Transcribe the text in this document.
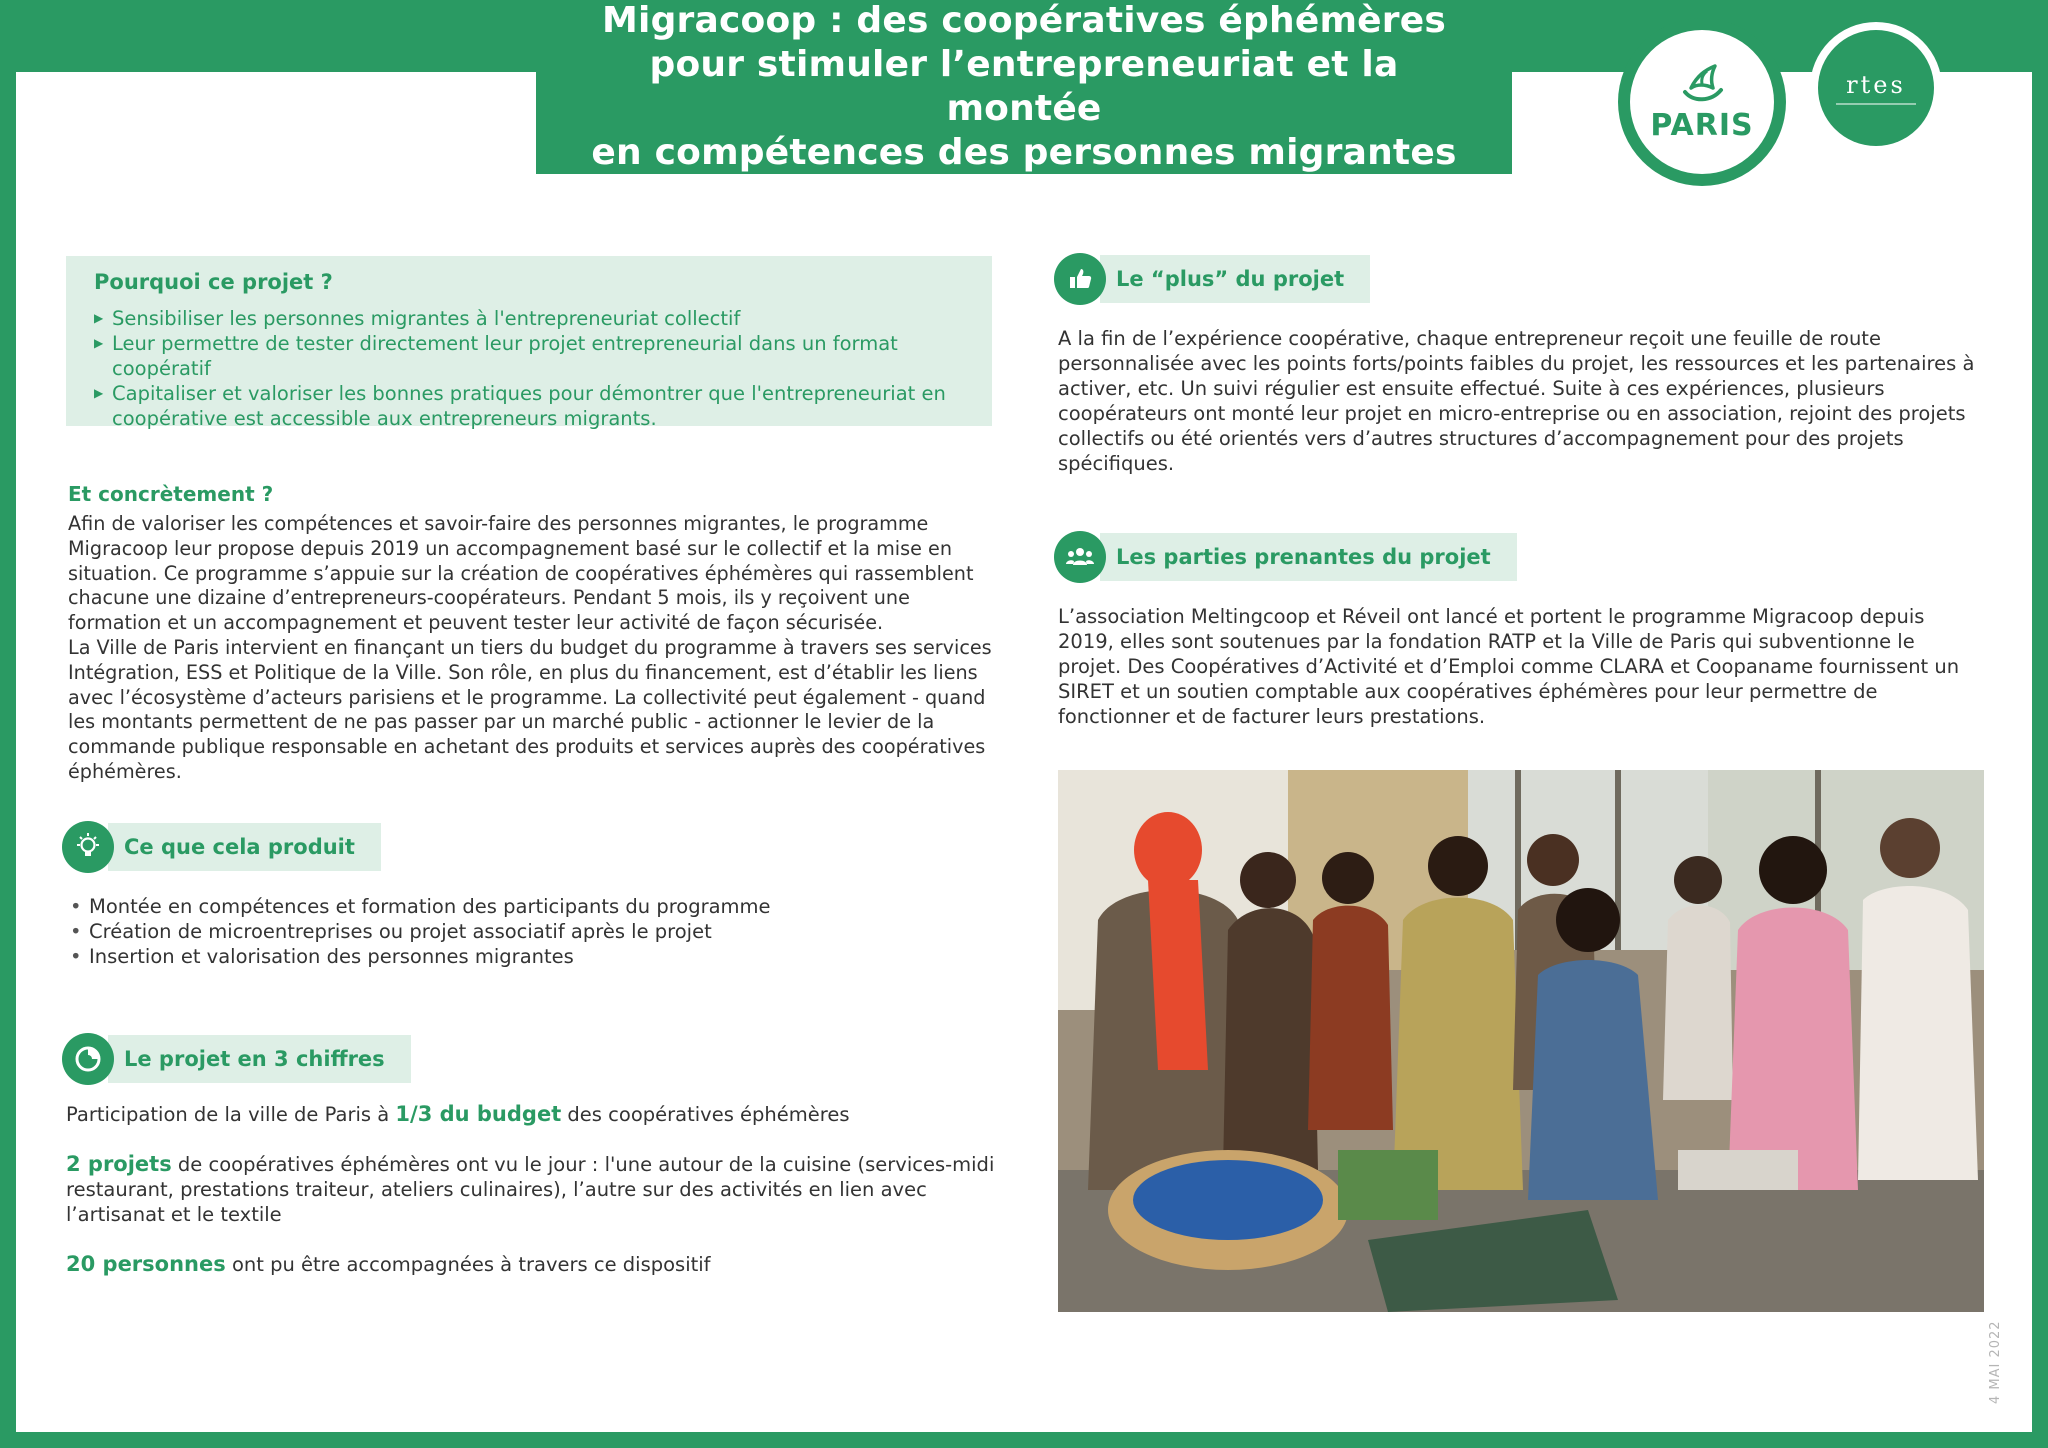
Migracoop : des coopératives éphémères
pour stimuler l’entrepreneuriat et la montée
en compétences des personnes migrantes
PARIS
rtes
Pourquoi ce projet ?
▶ Sensibiliser les personnes migrantes à l'entrepreneuriat collectif
▶ Leur permettre de tester directement leur projet entrepreneurial dans un format coopératif
▶ Capitaliser et valoriser les bonnes pratiques pour démontrer que l'entrepreneuriat en coopérative est accessible aux entrepreneurs migrants.
Et concrètement ?

Afin de valoriser les compétences et savoir-faire des personnes migrantes, le programme Migracoop leur propose depuis 2019 un accompagnement basé sur le collectif et la mise en situation. Ce programme s’appuie sur la création de coopératives éphémères qui rassemblent chacune une dizaine d’entrepreneurs-coopérateurs. Pendant 5 mois, ils y reçoivent une formation et un accompagnement et peuvent tester leur activité de façon sécurisée.

La Ville de Paris intervient en finançant un tiers du budget du programme à travers ses services Intégration, ESS et Politique de la Ville. Son rôle, en plus du financement, est d’établir les liens avec l’écosystème d’acteurs parisiens et le programme. La collectivité peut également - quand les montants permettent de ne pas passer par un marché public - actionner le levier de la commande publique responsable en achetant des produits et services auprès des coopératives éphémères.

Ce que cela produit
• Montée en compétences et formation des participants du programme
• Création de microentreprises ou projet associatif après le projet
• Insertion et valorisation des personnes migrantes
Le projet en 3 chiffres

Participation de la ville de Paris à 1/3 du budget des coopératives éphémères

2 projets de coopératives éphémères ont vu le jour : l'une autour de la cuisine (services-midi restaurant, prestations traiteur, ateliers culinaires), l’autre sur des activités en lien avec l’artisanat et le textile

20 personnes ont pu être accompagnées à travers ce dispositif

Le “plus” du projet

A la fin de l’expérience coopérative, chaque entrepreneur reçoit une feuille de route personnalisée avec les points forts/points faibles du projet, les ressources et les partenaires à activer, etc. Un suivi régulier est ensuite effectué. Suite à ces expériences, plusieurs coopérateurs ont monté leur projet en micro-entreprise ou en association, rejoint des projets collectifs ou été orientés vers d’autres structures d’accompagnement pour des projets spécifiques.

Les parties prenantes du projet

L’association Meltingcoop et Réveil ont lancé et portent le programme Migracoop depuis 2019, elles sont soutenues par la fondation RATP et la Ville de Paris qui subventionne le projet. Des Coopératives d’Activité et d’Emploi comme CLARA et Coopaname fournissent un SIRET et un soutien comptable aux coopératives éphémères pour leur permettre de fonctionner et de facturer leurs prestations.

4 MAI 2022
